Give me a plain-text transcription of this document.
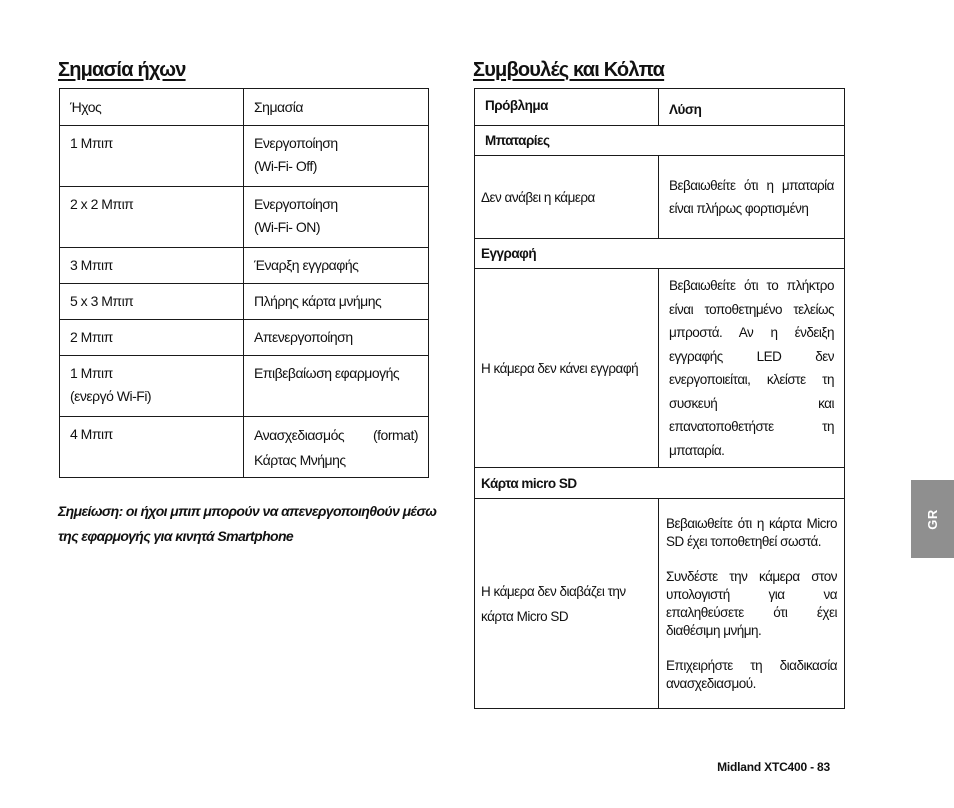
Σημασία ήχων
Ήχος	Σημασία
1 Μπιπ	Ενεργοποίηση
(Wi-Fi- Off)
2 x 2 Μπιπ	Ενεργοποίηση
(Wi-Fi- ON)
3 Μπιπ	Έναρξη εγγραφής
5 x 3 Μπιπ	Πλήρης κάρτα μνήμης
2 Μπιπ	Απενεργοποίηση
1 Μπιπ
(ενεργό Wi-Fi)	Επιβεβαίωση εφαρμογής
4 Μπιπ	Ανασχεδιασμός (format) Κάρτας Μνήμης

Σημείωση: οι ήχοι μπιπ μπορούν να απενεργοποιηθούν μέσω της εφαρμογής για κινητά Smartphone

Συμβουλές και Κόλπα
Πρόβλημα	Λύση
Μπαταρίες	
Δεν ανάβει η κάμερα	Βεβαιωθείτε ότι η μπαταρία είναι πλήρως φορτισμένη
Εγγραφή	
Η κάμερα δεν κάνει εγγραφή	Βεβαιωθείτε ότι το πλήκτρο είναι τοποθετημένο τελείως μπροστά. Αν η ένδειξη εγγραφής LED δεν ενεργοποιείται, κλείστε τη συσκευή και επανατοποθετήστε τη μπαταρία.
Κάρτα micro SD	
Η κάμερα δεν διαβάζει την κάρτα Micro SD	Βεβαιωθείτε ότι η κάρτα Micro SD έχει τοποθετηθεί σωστά.

Συνδέστε την κάμερα στον υπολογιστή για να επαληθεύσετε ότι έχει διαθέσιμη μνήμη.

Επιχειρήστε τη διαδικασία ανασχεδιασμού.

GR
Midland XTC400 - 83
